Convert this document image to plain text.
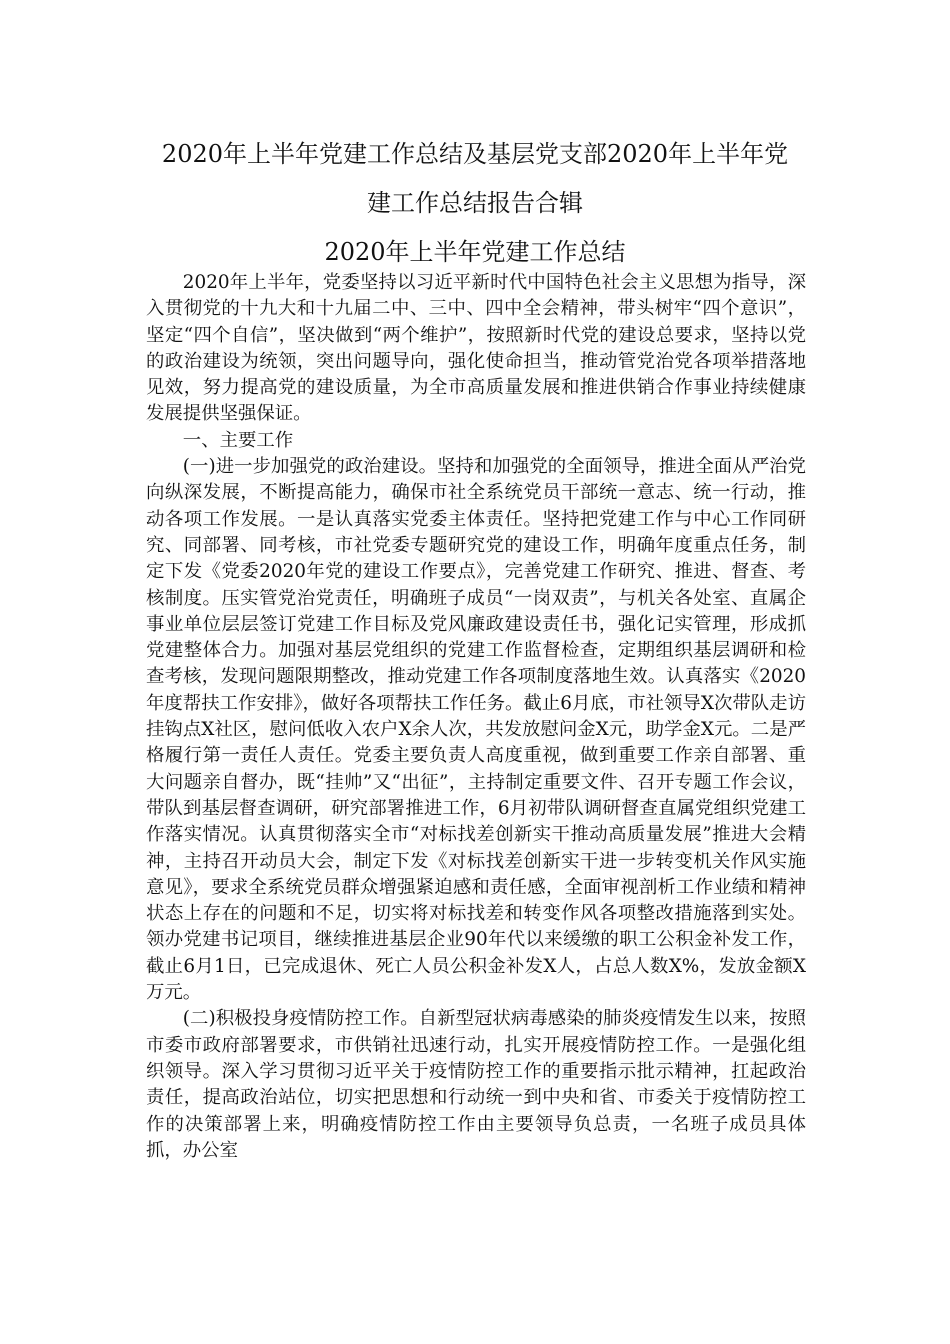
2020年上半年党建工作总结及基层党支部2020年上半年党
建工作总结报告合辑
2020年上半年党建工作总结

2020年上半年，党委坚持以习近平新时代中国特色社会主义思想为指导，深入贯彻党的十九大和十九届二中、三中、四中全会精神，带头树牢“四个意识”，坚定“四个自信”，坚决做到“两个维护”，按照新时代党的建设总要求，坚持以党的政治建设为统领，突出问题导向，强化使命担当，推动管党治党各项举措落地见效，努力提高党的建设质量，为全市高质量发展和推进供销合作事业持续健康发展提供坚强保证。

一、主要工作

(一)进一步加强党的政治建设。坚持和加强党的全面领导，推进全面从严治党向纵深发展，不断提高能力，确保市社全系统党员干部统一意志、统一行动，推动各项工作发展。一是认真落实党委主体责任。坚持把党建工作与中心工作同研究、同部署、同考核，市社党委专题研究党的建设工作，明确年度重点任务，制定下发《党委2020年党的建设工作要点》，完善党建工作研究、推进、督查、考核制度。压实管党治党责任，明确班子成员“一岗双责”，与机关各处室、直属企事业单位层层签订党建工作目标及党风廉政建设责任书，强化记实管理，形成抓党建整体合力。加强对基层党组织的党建工作监督检查，定期组织基层调研和检查考核，发现问题限期整改，推动党建工作各项制度落地生效。认真落实《2020年度帮扶工作安排》，做好各项帮扶工作任务。截止6月底，市社领导X次带队走访挂钩点X社区，慰问低收入农户X余人次，共发放慰问金X元，助学金X元。二是严格履行第一责任人责任。党委主要负责人高度重视，做到重要工作亲自部署、重大问题亲自督办，既“挂帅”又“出征”，主持制定重要文件、召开专题工作会议，带队到基层督查调研，研究部署推进工作，6月初带队调研督查直属党组织党建工作落实情况。认真贯彻落实全市“对标找差创新实干推动高质量发展”推进大会精神，主持召开动员大会，制定下发《对标找差创新实干进一步转变机关作风实施意见》，要求全系统党员群众增强紧迫感和责任感，全面审视剖析工作业绩和精神状态上存在的问题和不足，切实将对标找差和转变作风各项整改措施落到实处。领办党建书记项目，继续推进基层企业90年代以来缓缴的职工公积金补发工作，截止6月1日，已完成退休、死亡人员公积金补发X人，占总人数X%，发放金额X万元。

(二)积极投身疫情防控工作。自新型冠状病毒感染的肺炎疫情发生以来，按照市委市政府部署要求，市供销社迅速行动，扎实开展疫情防控工作。一是强化组织领导。深入学习贯彻习近平关于疫情防控工作的重要指示批示精神，扛起政治责任，提高政治站位，切实把思想和行动统一到中央和省、市委关于疫情防控工作的决策部署上来，明确疫情防控工作由主要领导负总责，一名班子成员具体抓，办公室
